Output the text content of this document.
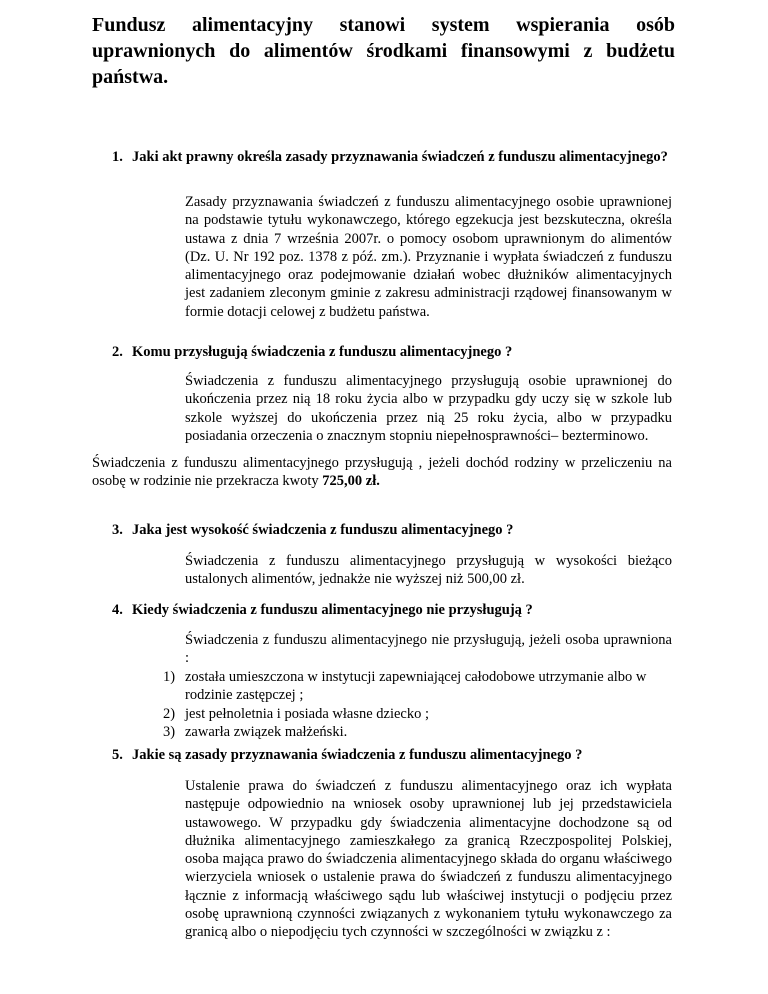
Fundusz alimentacyjny stanowi system wspierania osób uprawnionych do alimentów środkami finansowymi z budżetu państwa.
1. Jaki akt prawny określa zasady przyznawania świadczeń z funduszu alimentacyjnego?

Zasady przyznawania świadczeń z funduszu alimentacyjnego osobie uprawnionej na podstawie tytułu wykonawczego, którego egzekucja jest bezskuteczna, określa ustawa z dnia 7 września 2007r. o pomocy osobom uprawnionym do alimentów (Dz. U. Nr 192 poz. 1378 z póź. zm.). Przyznanie i wypłata świadczeń z funduszu alimentacyjnego oraz podejmowanie działań wobec dłużników alimentacyjnych jest zadaniem zleconym gminie z zakresu administracji rządowej finansowanym w formie dotacji celowej z budżetu państwa.

2. Komu przysługują świadczenia z funduszu alimentacyjnego ?

Świadczenia z funduszu alimentacyjnego przysługują osobie uprawnionej do ukończenia przez nią 18 roku życia albo w przypadku gdy uczy się w szkole lub szkole wyższej do ukończenia przez nią 25 roku życia, albo w przypadku posiadania orzeczenia o znacznym stopniu niepełnosprawności– bezterminowo.

Świadczenia z funduszu alimentacyjnego przysługują , jeżeli dochód rodziny w przeliczeniu na osobę w rodzinie nie przekracza kwoty 725,00 zł.

3. Jaka jest wysokość świadczenia z funduszu alimentacyjnego ?

Świadczenia z funduszu alimentacyjnego przysługują w wysokości bieżąco ustalonych alimentów, jednakże nie wyższej niż 500,00 zł.

4. Kiedy świadczenia z funduszu alimentacyjnego nie przysługują ?

Świadczenia z funduszu alimentacyjnego nie przysługują, jeżeli osoba uprawniona :

1) została umieszczona w instytucji zapewniającej całodobowe utrzymanie albo w rodzinie zastępczej ;
2) jest pełnoletnia i posiada własne dziecko ;
3) zawarła związek małżeński.
5. Jakie są zasady przyznawania świadczenia z funduszu alimentacyjnego ?

Ustalenie prawa do świadczeń z funduszu alimentacyjnego oraz ich wypłata następuje odpowiednio na wniosek osoby uprawnionej lub jej przedstawiciela ustawowego. W przypadku gdy świadczenia alimentacyjne dochodzone są od dłużnika alimentacyjnego zamieszkałego za granicą Rzeczpospolitej Polskiej, osoba mająca prawo do świadczenia alimentacyjnego składa do organu właściwego wierzyciela wniosek o ustalenie prawa do świadczeń z funduszu alimentacyjnego łącznie z informacją właściwego sądu lub właściwej instytucji o podjęciu przez osobę uprawnioną czynności związanych z wykonaniem tytułu wykonawczego za granicą albo o niepodjęciu tych czynności w szczególności w związku z :
